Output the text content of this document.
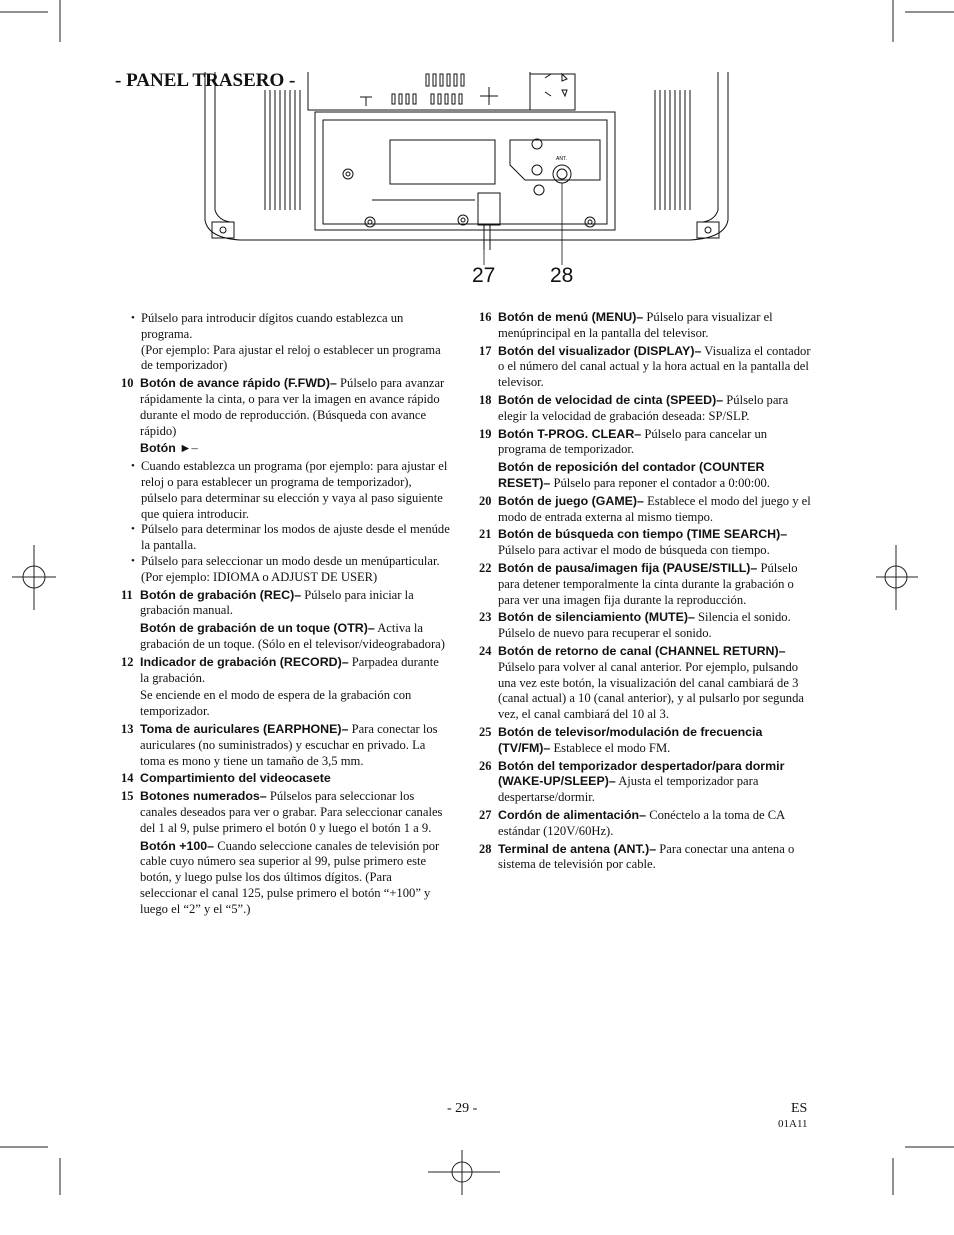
- PANEL TRASERO -
ANT.
27	28

• Púlselo para introducir dígitos cuando establezca un programa.

(Por ejemplo: Para ajustar el reloj o establecer un programa de temporizador)

10 Botón de avance rápido (F.FWD)– Púlselo para avanzar rápidamente la cinta, o para ver la imagen en avance rápido durante el modo de reproducción. (Búsqueda con avance rápido)

Botón ►–

• Cuando establezca un programa (por ejemplo: para ajustar el reloj o para establecer un programa de temporizador), púlselo para determinar su elección y vaya al paso siguiente que quiera introducir.

• Púlselo para determinar los modos de ajuste desde el menúde la pantalla.

• Púlselo para seleccionar un modo desde un menúparticular.

(Por ejemplo: IDIOMA o ADJUST DE USER)

11 Botón de grabación (REC)– Púlselo para iniciar la grabación manual.

Botón de grabación de un toque (OTR)– Activa la grabación de un toque. (Sólo en el televisor/videograbadora)

12 Indicador de grabación (RECORD)– Parpadea durante la grabación.

Se enciende en el modo de espera de la grabación con temporizador.

13 Toma de auriculares (EARPHONE)– Para conectar los auriculares (no suministrados) y escuchar en privado. La toma es mono y tiene un tamaño de 3,5 mm.
14 Compartimiento del videocasete
15 Botones numerados– Púlselos para seleccionar los canales deseados para ver o grabar. Para seleccionar canales del 1 al 9, pulse primero el botón 0 y luego el botón 1 a 9.

Botón +100– Cuando seleccione canales de televisión por cable cuyo número sea superior al 99, pulse primero este botón, y luego pulse los dos últimos dígitos. (Para seleccionar el canal 125, pulse primero el botón “+100” y luego el “2” y el “5”.)

16 Botón de menú (MENU)– Púlselo para visualizar el menúprincipal en la pantalla del televisor.
17 Botón del visualizador (DISPLAY)– Visualiza el contador o el número del canal actual y la hora actual en la pantalla del televisor.
18 Botón de velocidad de cinta (SPEED)– Púlselo para elegir la velocidad de grabación deseada: SP/SLP.
19 Botón T-PROG. CLEAR– Púlselo para cancelar un programa de temporizador.

Botón de reposición del contador (COUNTER RESET)– Púlselo para reponer el contador a 0:00:00.

20 Botón de juego (GAME)– Establece el modo del juego y el modo de entrada externa al mismo tiempo.
21 Botón de búsqueda con tiempo (TIME SEARCH)– Púlselo para activar el modo de búsqueda con tiempo.
22 Botón de pausa/imagen fija (PAUSE/STILL)– Púlselo para detener temporalmente la cinta durante la grabación o para ver una imagen fija durante la reproducción.
23 Botón de silenciamiento (MUTE)– Silencia el sonido. Púlselo de nuevo para recuperar el sonido.
24 Botón de retorno de canal (CHANNEL RETURN)– Púlselo para volver al canal anterior. Por ejemplo, pulsando una vez este botón, la visualización del canal cambiará de 3 (canal actual) a 10 (canal anterior), y al pulsarlo por segunda vez, el canal cambiará del 10 al 3.
25 Botón de televisor/modulación de frecuencia (TV/FM)– Establece el modo FM.
26 Botón del temporizador despertador/para dormir (WAKE-UP/SLEEP)– Ajusta el temporizador para despertarse/dormir.
27 Cordón de alimentación– Conéctelo a la toma de CA estándar (120V/60Hz).
28 Terminal de antena (ANT.)– Para conectar una antena o sistema de televisión por cable.
- 29 -	ES
01A11
